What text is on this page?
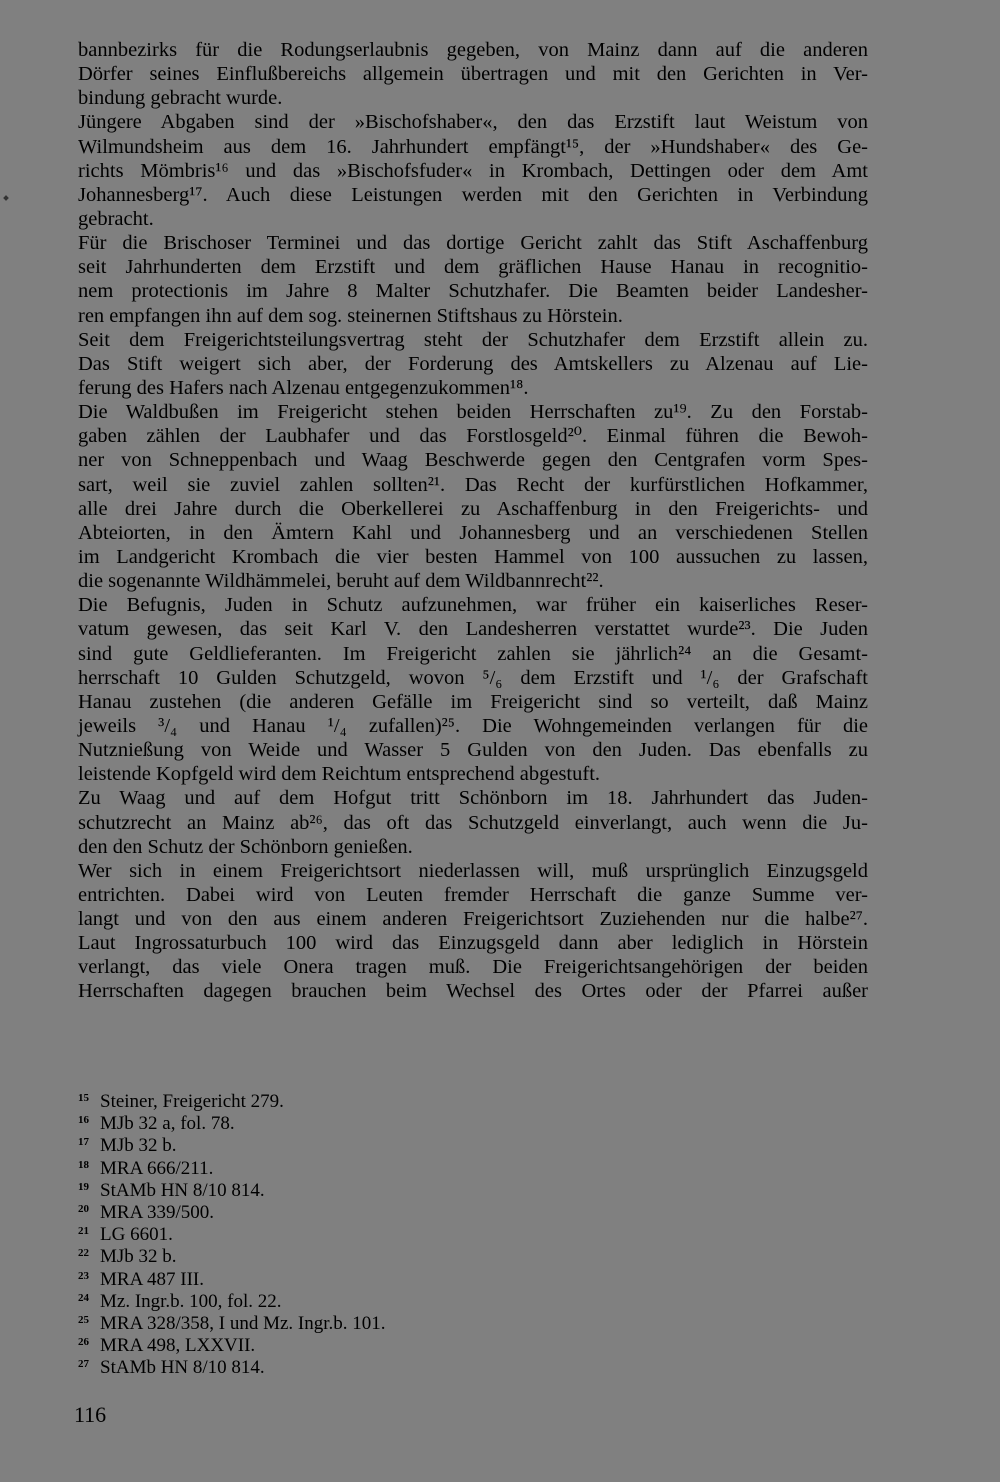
bannbezirks für die Rodungserlaubnis gegeben, von Mainz dann auf die anderen
Dörfer seines Einflußbereichs allgemein übertragen und mit den Gerichten in Ver-
bindung gebracht wurde.
Jüngere Abgaben sind der »Bischofshaber«, den das Erzstift laut Weistum von
Wilmundsheim aus dem 16. Jahrhundert empfängt¹⁵, der »Hundshaber« des Ge-
richts Mömbris¹⁶ und das »Bischofsfuder« in Krombach, Dettingen oder dem Amt
Johannesberg¹⁷. Auch diese Leistungen werden mit den Gerichten in Verbindung
gebracht.
Für die Brischoser Terminei und das dortige Gericht zahlt das Stift Aschaffenburg
seit Jahrhunderten dem Erzstift und dem gräflichen Hause Hanau in recognitio-
nem protectionis im Jahre 8 Malter Schutzhafer. Die Beamten beider Landesher-
ren empfangen ihn auf dem sog. steinernen Stiftshaus zu Hörstein.
Seit dem Freigerichtsteilungsvertrag steht der Schutzhafer dem Erzstift allein zu.
Das Stift weigert sich aber, der Forderung des Amtskellers zu Alzenau auf Lie-
ferung des Hafers nach Alzenau entgegenzukommen¹⁸.
Die Waldbußen im Freigericht stehen beiden Herrschaften zu¹⁹. Zu den Forstab-
gaben zählen der Laubhafer und das Forstlosgeld²⁰. Einmal führen die Bewoh-
ner von Schneppenbach und Waag Beschwerde gegen den Centgrafen vorm Spes-
sart, weil sie zuviel zahlen sollten²¹. Das Recht der kurfürstlichen Hofkammer,
alle drei Jahre durch die Oberkellerei zu Aschaffenburg in den Freigerichts- und
Abteiorten, in den Ämtern Kahl und Johannesberg und an verschiedenen Stellen
im Landgericht Krombach die vier besten Hammel von 100 aussuchen zu lassen,
die sogenannte Wildhämmelei, beruht auf dem Wildbannrecht²².
Die Befugnis, Juden in Schutz aufzunehmen, war früher ein kaiserliches Reser-
vatum gewesen, das seit Karl V. den Landesherren verstattet wurde²³. Die Juden
sind gute Geldlieferanten. Im Freigericht zahlen sie jährlich²⁴ an die Gesamt-
herrschaft 10 Gulden Schutzgeld, wovon ⁵/₆ dem Erzstift und ¹/₆ der Grafschaft
Hanau zustehen (die anderen Gefälle im Freigericht sind so verteilt, daß Mainz
jeweils ³/₄ und Hanau ¹/₄ zufallen)²⁵. Die Wohngemeinden verlangen für die
Nutznießung von Weide und Wasser 5 Gulden von den Juden. Das ebenfalls zu
leistende Kopfgeld wird dem Reichtum entsprechend abgestuft.
Zu Waag und auf dem Hofgut tritt Schönborn im 18. Jahrhundert das Juden-
schutzrecht an Mainz ab²⁶, das oft das Schutzgeld einverlangt, auch wenn die Ju-
den den Schutz der Schönborn genießen.
Wer sich in einem Freigerichtsort niederlassen will, muß ursprünglich Einzugsgeld
entrichten. Dabei wird von Leuten fremder Herrschaft die ganze Summe ver-
langt und von den aus einem anderen Freigerichtsort Zuziehenden nur die halbe²⁷.
Laut Ingrossaturbuch 100 wird das Einzugsgeld dann aber lediglich in Hörstein
verlangt, das viele Onera tragen muß. Die Freigerichtsangehörigen der beiden
Herrschaften dagegen brauchen beim Wechsel des Ortes oder der Pfarrei außer
15 Steiner, Freigericht 279.
16 MJb 32 a, fol. 78.
17 MJb 32 b.
18 MRA 666/211.
19 StAMb HN 8/10 814.
20 MRA 339/500.
21 LG 6601.
22 MJb 32 b.
23 MRA 487 III.
24 Mz. Ingr.b. 100, fol. 22.
25 MRA 328/358, I und Mz. Ingr.b. 101.
26 MRA 498, LXXVII.
27 StAMb HN 8/10 814.
116
